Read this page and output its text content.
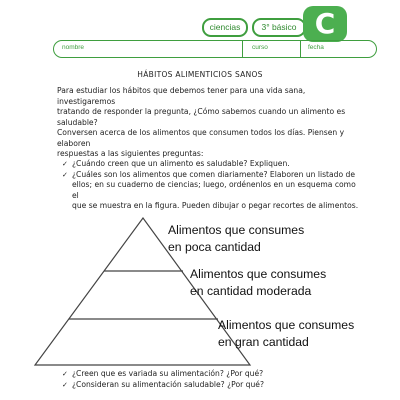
ciencias	3° básico C
nombre	curso	fecha
HÁBITOS ALIMENTICIOS SANOS
Para estudiar los hábitos que debemos tener para una vida sana, investigaremos
tratando de responder la pregunta, ¿Cómo sabemos cuando un alimento es
saludable?
Conversen acerca de los alimentos que consumen todos los días. Piensen y elaboren
respuestas a las siguientes preguntas:
✓ ¿Cuándo creen que un alimento es saludable? Expliquen.
✓ ¿Cuáles son los alimentos que comen diariamente? Elaboren un listado de
ellos; en su cuaderno de ciencias; luego, ordénenlos en un esquema como el
que se muestra en la figura. Pueden dibujar o pegar recortes de alimentos.
Alimentos que consumes
en poca cantidad
Alimentos que consumes
en cantidad moderada
Alimentos que consumes
en gran cantidad
✓ ¿Creen que es variada su alimentación? ¿Por qué?
✓ ¿Consideran su alimentación saludable? ¿Por qué?
